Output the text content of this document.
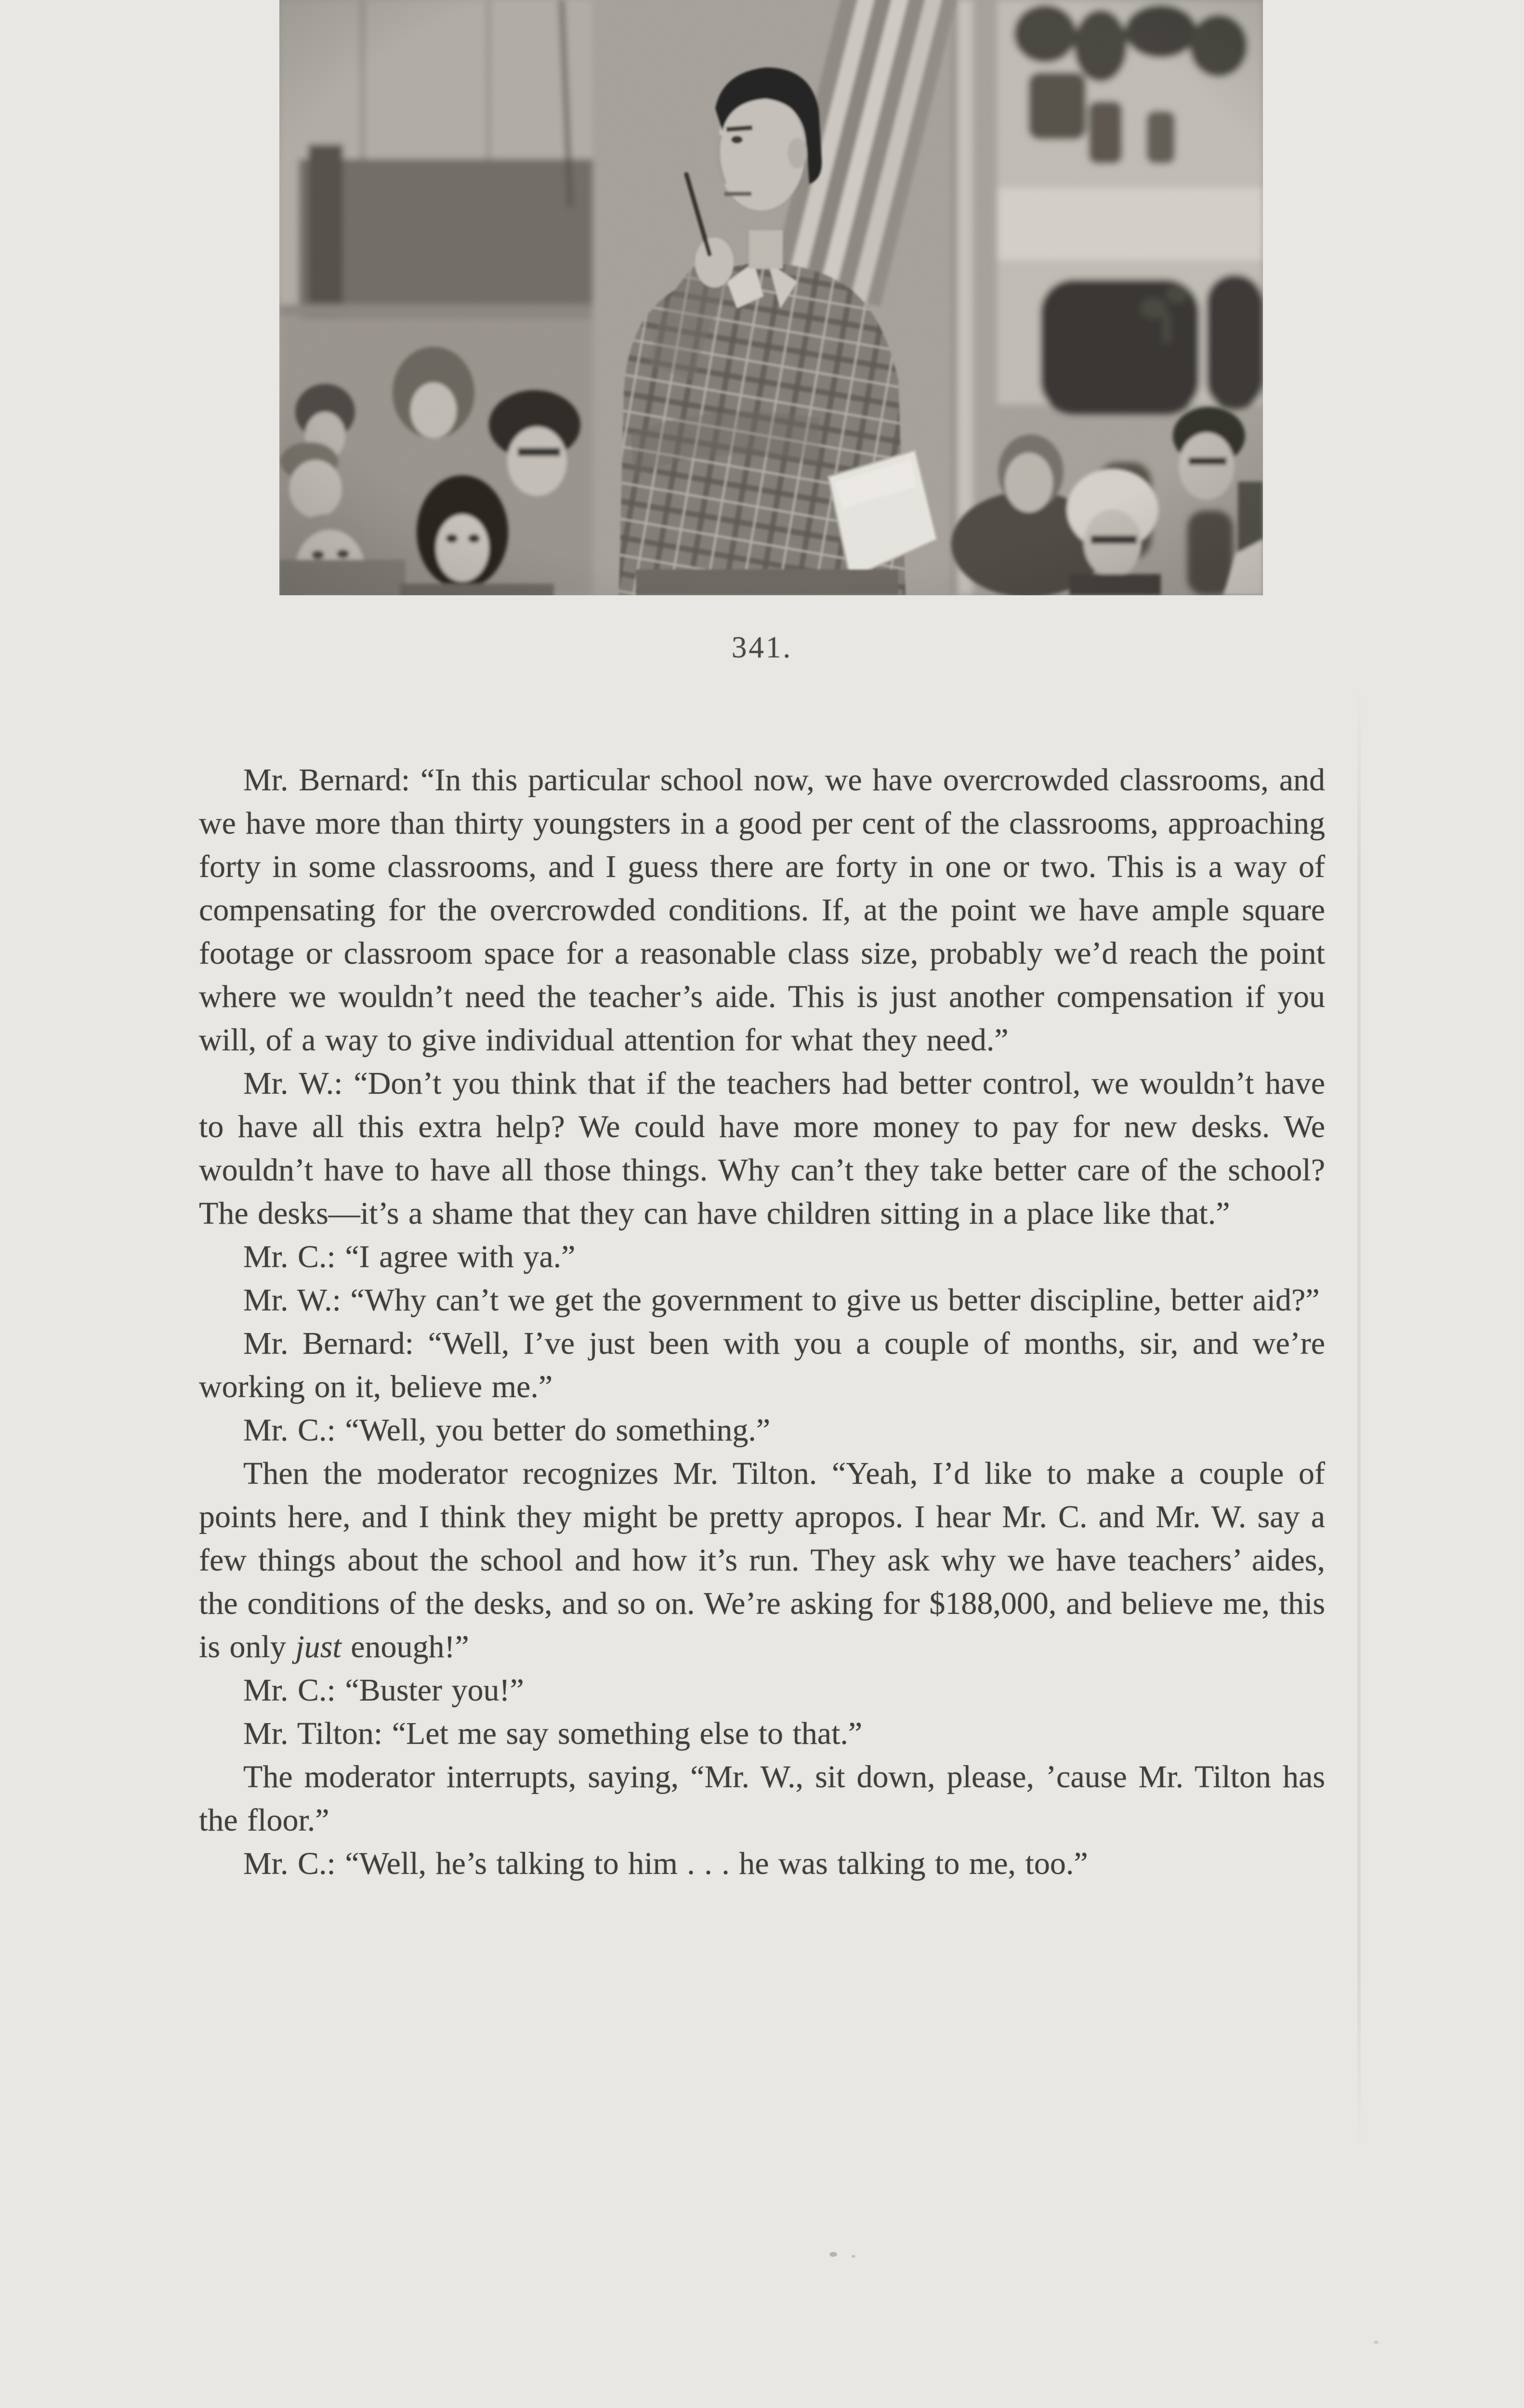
341.

Mr. Bernard: “In this particular school now, we have overcrowded classrooms, and we have more than thirty youngsters in a good per cent of the classrooms, approaching forty in some classrooms, and I guess there are forty in one or two. This is a way of compensating for the overcrowded conditions. If, at the point we have ample square footage or classroom space for a reasonable class size, probably we’d reach the point where we wouldn’t need the teacher’s aide. This is just another compensation if you will, of a way to give individual attention for what they need.”

Mr. W.: “Don’t you think that if the teachers had better control, we wouldn’t have to have all this extra help? We could have more money to pay for new desks. We wouldn’t have to have all those things. Why can’t they take better care of the school? The desks—it’s a shame that they can have children sitting in a place like that.”

Mr. C.: “I agree with ya.”

Mr. W.: “Why can’t we get the government to give us better discipline, better aid?”

Mr. Bernard: “Well, I’ve just been with you a couple of months, sir, and we’re working on it, believe me.”

Mr. C.: “Well, you better do something.”

Then the moderator recognizes Mr. Tilton. “Yeah, I’d like to make a couple of points here, and I think they might be pretty apropos. I hear Mr. C. and Mr. W. say a few things about the school and how it’s run. They ask why we have teachers’ aides, the conditions of the desks, and so on. We’re asking for $188,000, and believe me, this is only just enough!”

Mr. C.: “Buster you!”

Mr. Tilton: “Let me say something else to that.”

The moderator interrupts, saying, “Mr. W., sit down, please, ’cause Mr. Tilton has the floor.”

Mr. C.: “Well, he’s talking to him . . . he was talking to me, too.”
